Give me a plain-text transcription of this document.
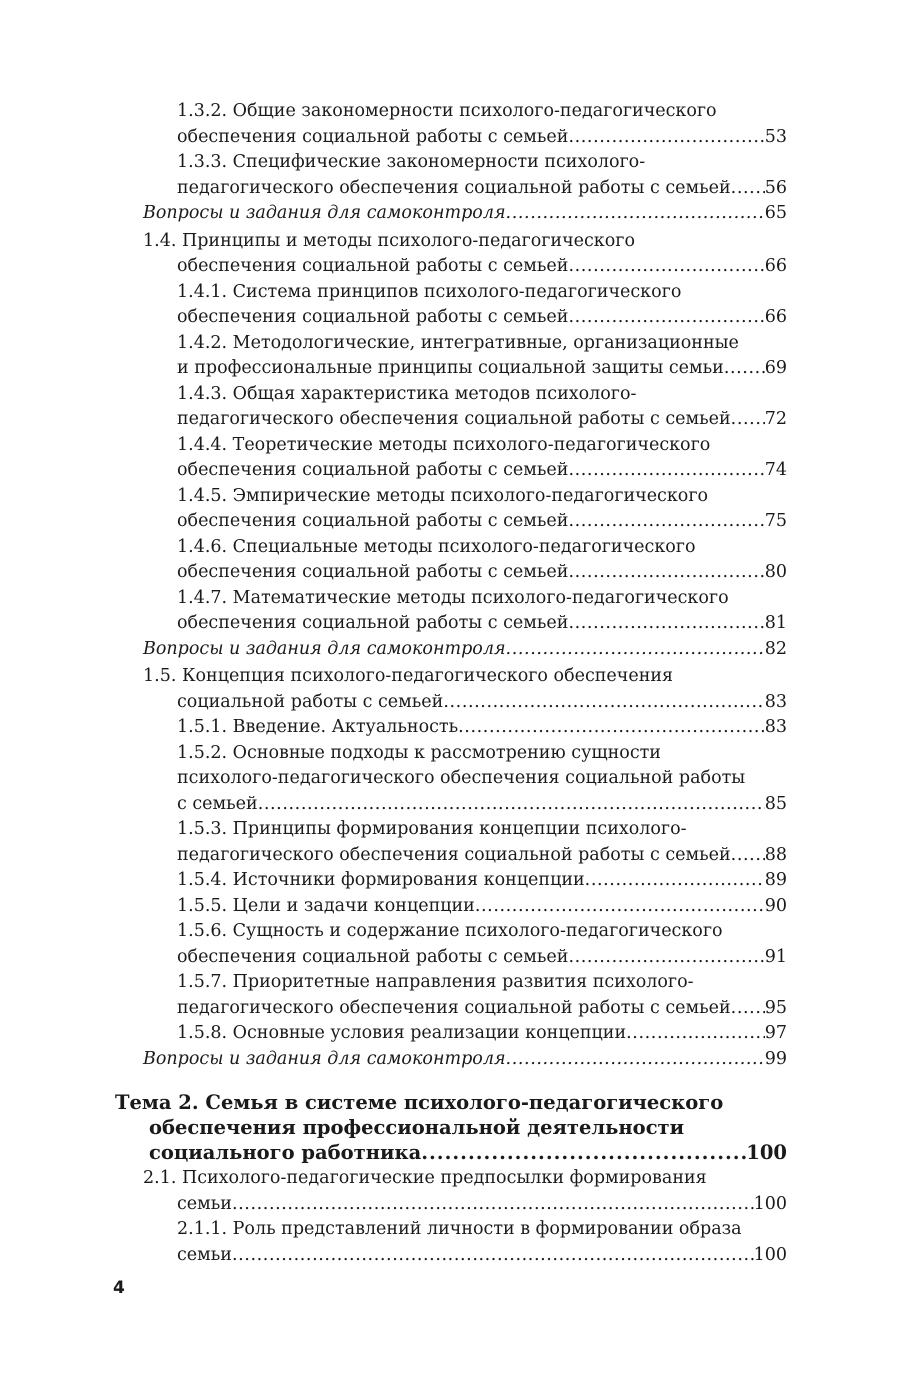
1.3.2. Общие закономерности психолого-педагогического
обеспечения социальной работы с семьей .....	53
1.3.3. Специфические закономерности психолого-
педагогического обеспечения социальной работы с семьей ..... 56
Вопросы и задания для самоконтроля .....	65
1.4. Принципы и методы психолого-педагогического
обеспечения социальной работы с семьей .....	66
1.4.1. Система принципов психолого-педагогического
обеспечения социальной работы с семьей .....	66
1.4.2. Методологические, интегративные, организационные
и профессиональные принципы социальной защиты семьи ..... 69
1.4.3. Общая характеристика методов психолого-
педагогического обеспечения социальной работы с семьей ..... 72
1.4.4. Теоретические методы психолого-педагогического
обеспечения социальной работы с семьей .....	74
1.4.5. Эмпирические методы психолого-педагогического
обеспечения социальной работы с семьей .....	75
1.4.6. Специальные методы психолого-педагогического
обеспечения социальной работы с семьей .....	80
1.4.7. Математические методы психолого-педагогического
обеспечения социальной работы с семьей .....	81
Вопросы и задания для самоконтроля .....	82
1.5. Концепция психолого-педагогического обеспечения
социальной работы с семьей .....	83
1.5.1. Введение. Актуальность .....	83
1.5.2. Основные подходы к рассмотрению сущности
психолого-педагогического обеспечения социальной работы
с семьей .....	85
1.5.3. Принципы формирования концепции психолого-
педагогического обеспечения социальной работы с семьей ..... 88
1.5.4. Источники формирования концепции .....	89
1.5.5. Цели и задачи концепции .....	90
1.5.6. Сущность и содержание психолого-педагогического
обеспечения социальной работы с семьей .....	91
1.5.7. Приоритетные направления развития психолого-
педагогического обеспечения социальной работы с семьей ..... 95
1.5.8. Основные условия реализации концепции .....	97
Вопросы и задания для самоконтроля .....	99
Тема 2. Семья в системе психолого-педагогического
обеспечения профессиональной деятельности
социального работника .....	100
2.1. Психолого-педагогические предпосылки формирования
семьи .....	100
2.1.1. Роль представлений личности в формировании образа
семьи .....	100
4
